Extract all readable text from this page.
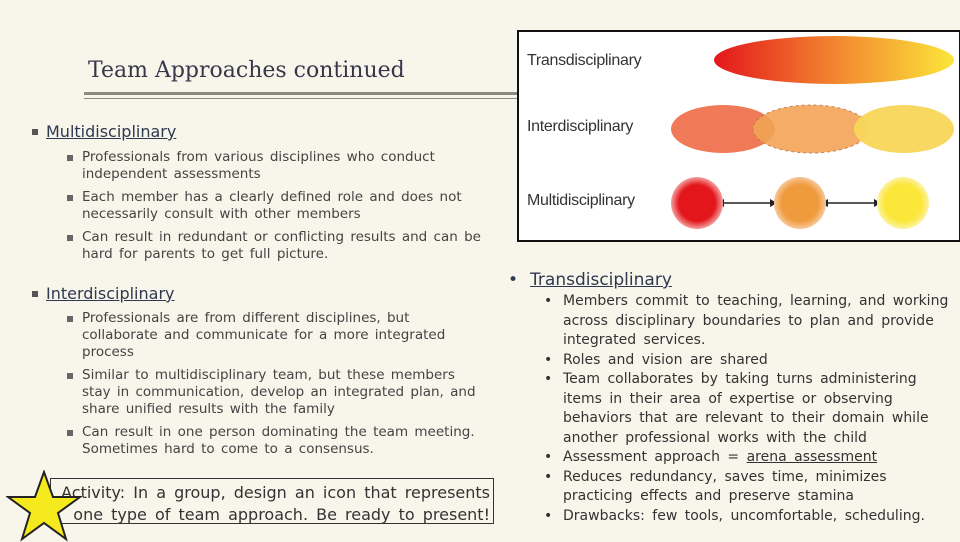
Team Approaches continued
Multidisciplinary
Professionals from various disciplines who conduct independent assessments
Each member has a clearly defined role and does not necessarily consult with other members
Can result in redundant or conflicting results and can be hard for parents to get full picture.
Interdisciplinary
Professionals are from different disciplines, but collaborate and communicate for a more integrated process
Similar to multidisciplinary team, but these members stay in communication, develop an integrated plan, and share unified results with the family
Can result in one person dominating the team meeting. Sometimes hard to come to a consensus.
Transdisciplinary
Interdisciplinary
Multidisciplinary
• Transdisciplinary
• Members commit to teaching, learning, and working across disciplinary boundaries to plan and provide integrated services.
• Roles and vision are shared
• Team collaborates by taking turns administering items in their area of expertise or observing behaviors that are relevant to their domain while another professional works with the child
• Assessment approach = arena assessment
• Reduces redundancy, saves time, minimizes practicing effects and preserve stamina
• Drawbacks: few tools, uncomfortable, scheduling.
Activity: In a group, design an icon that represents one type of team approach. Be ready to present!
